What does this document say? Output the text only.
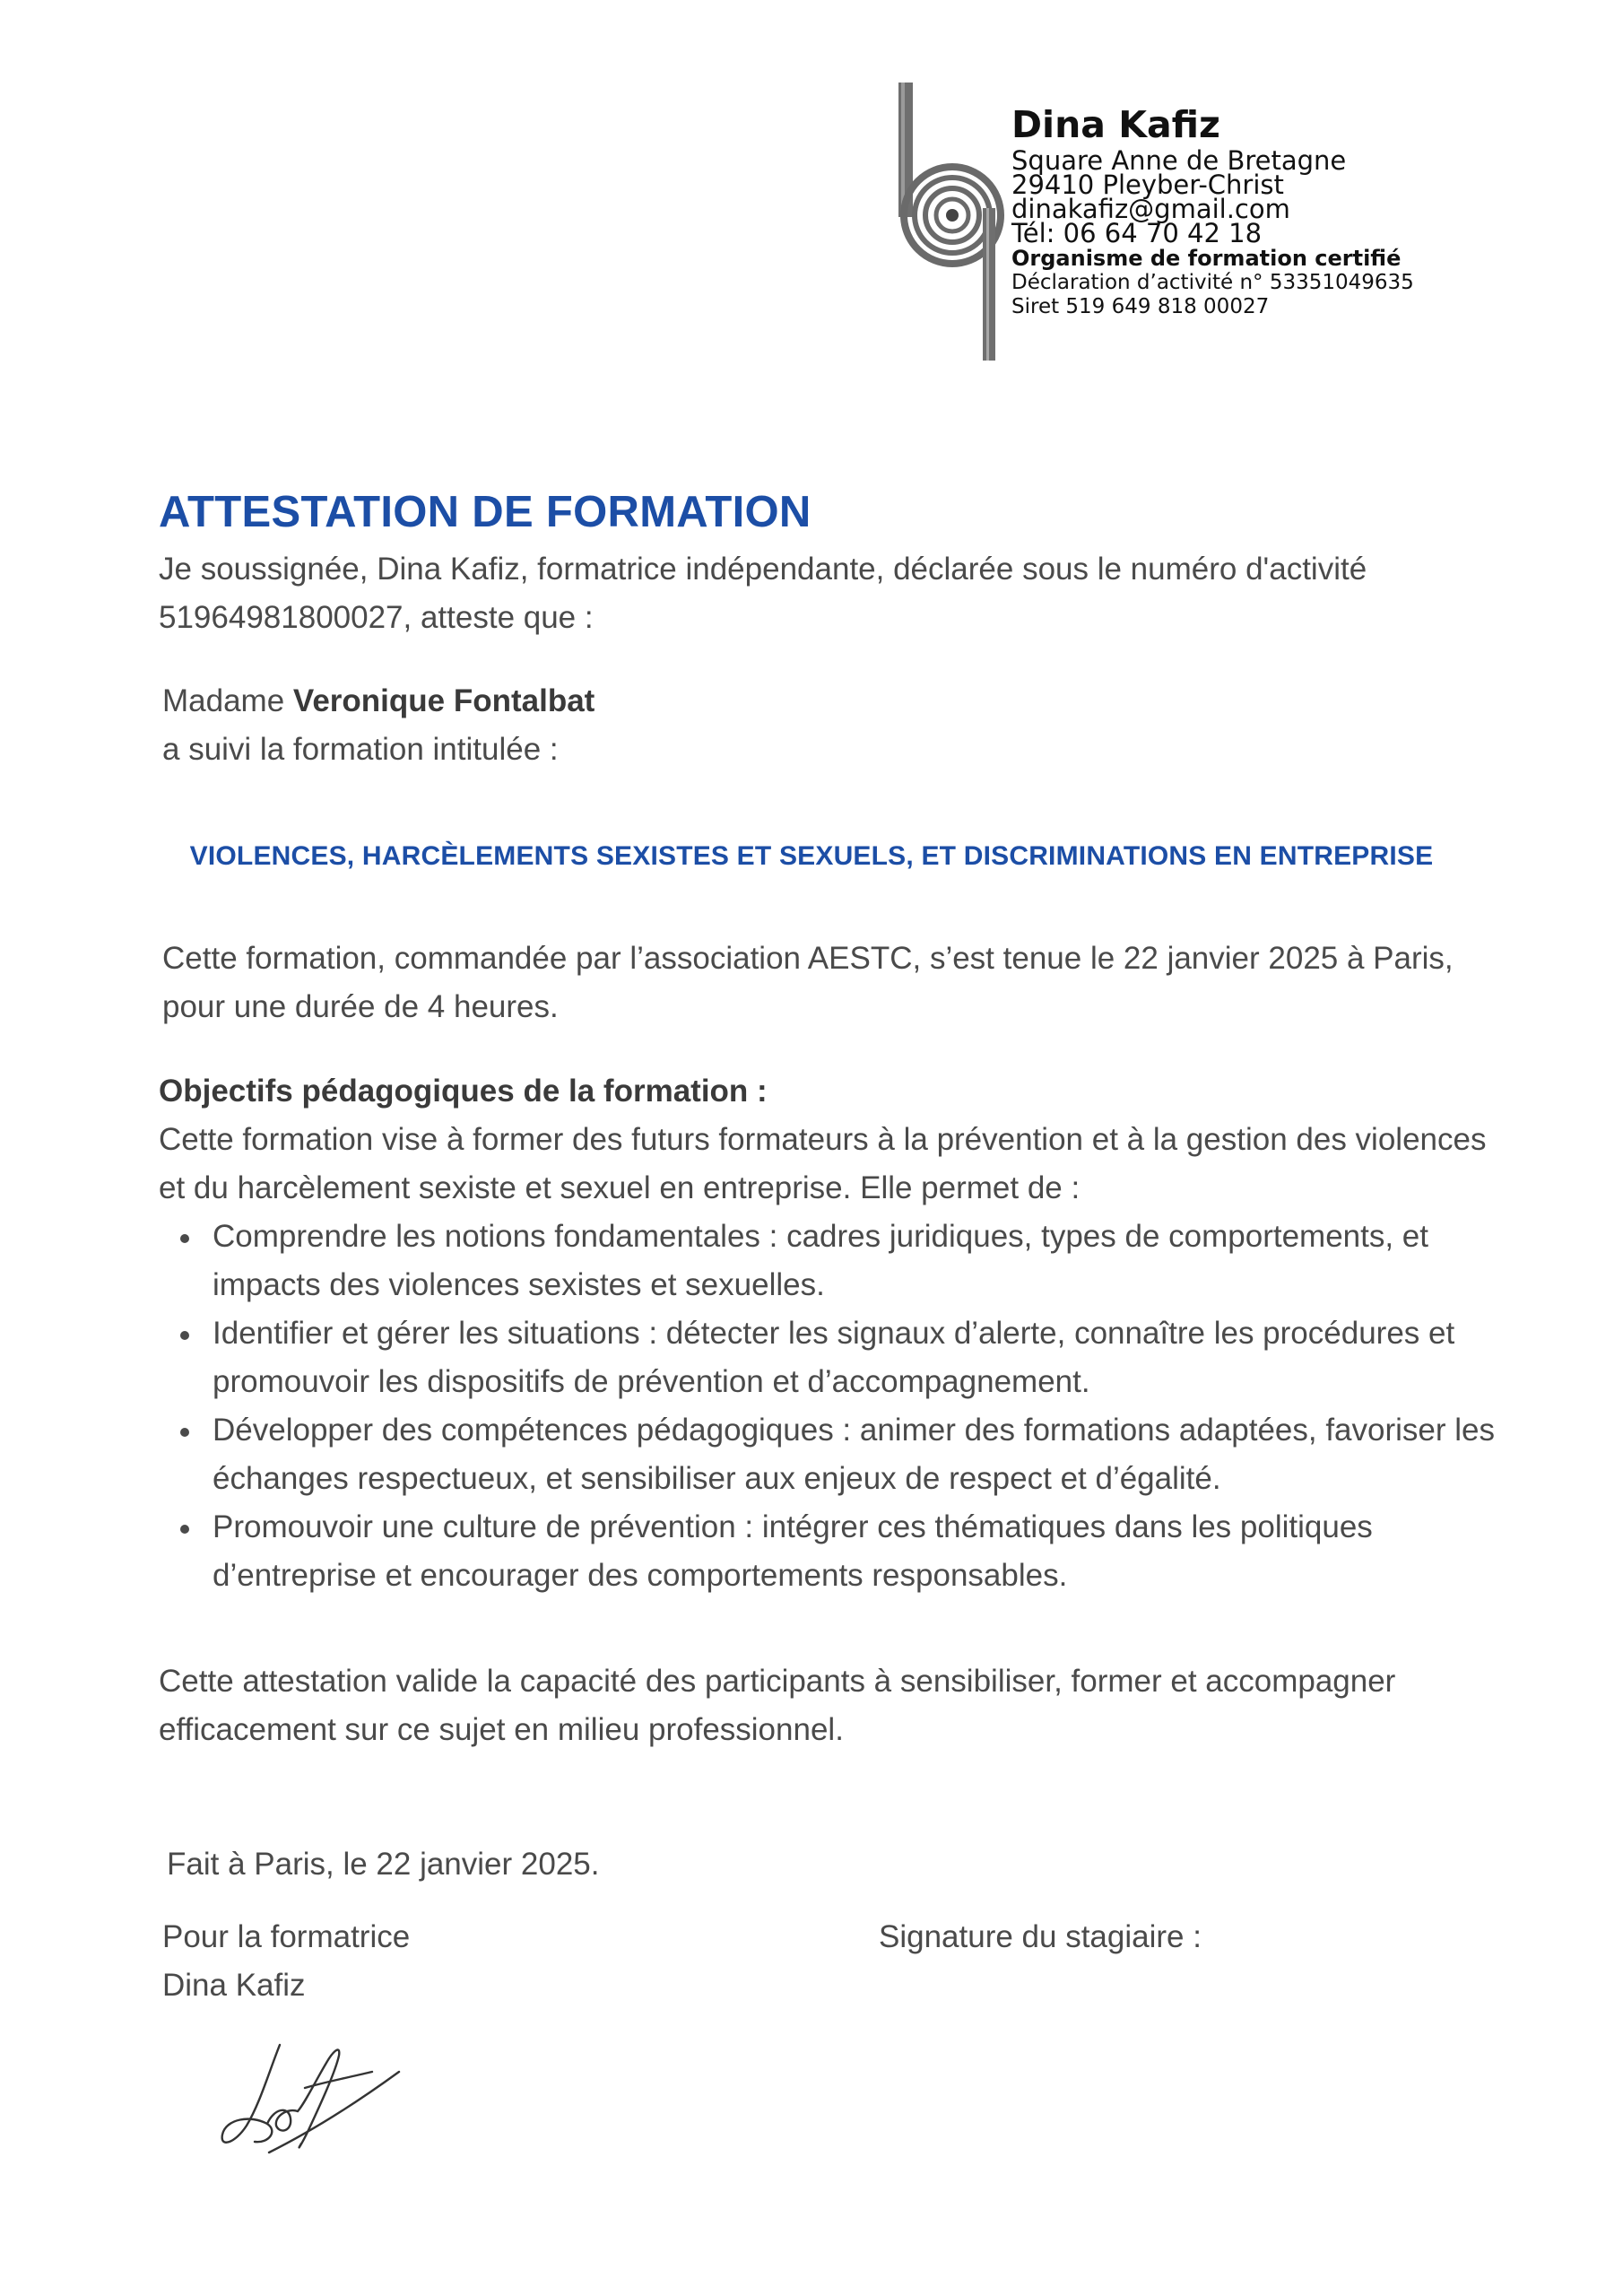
Dina Kafiz
Square Anne de Bretagne
29410 Pleyber-Christ
dinakafiz@gmail.com
Tél: 06 64 70 42 18
Organisme de formation certifié
Déclaration d’activité n° 53351049635
Siret 519 649 818 00027
ATTESTATION DE FORMATION
Je soussignée, Dina Kafiz, formatrice indépendante, déclarée sous le numéro d'activité 51964981800027, atteste que :
Madame Veronique Fontalbat
a suivi la formation intitulée :
VIOLENCES, HARCÈLEMENTS SEXISTES ET SEXUELS, ET DISCRIMINATIONS EN ENTREPRISE
Cette formation, commandée par l’association AESTC, s’est tenue le 22 janvier 2025 à Paris, pour une durée de 4 heures.
Objectifs pédagogiques de la formation :
Cette formation vise à former des futurs formateurs à la prévention et à la gestion des violences et du harcèlement sexiste et sexuel en entreprise. Elle permet de :
Comprendre les notions fondamentales : cadres juridiques, types de comportements, et impacts des violences sexistes et sexuelles.
Identifier et gérer les situations : détecter les signaux d’alerte, connaître les procédures et promouvoir les dispositifs de prévention et d’accompagnement.
Développer des compétences pédagogiques : animer des formations adaptées, favoriser les échanges respectueux, et sensibiliser aux enjeux de respect et d’égalité.
Promouvoir une culture de prévention : intégrer ces thématiques dans les politiques d’entreprise et encourager des comportements responsables.
Cette attestation valide la capacité des participants à sensibiliser, former et accompagner efficacement sur ce sujet en milieu professionnel.
Fait à Paris, le 22 janvier 2025.
Pour la formatrice
Dina Kafiz
Signature du stagiaire :
